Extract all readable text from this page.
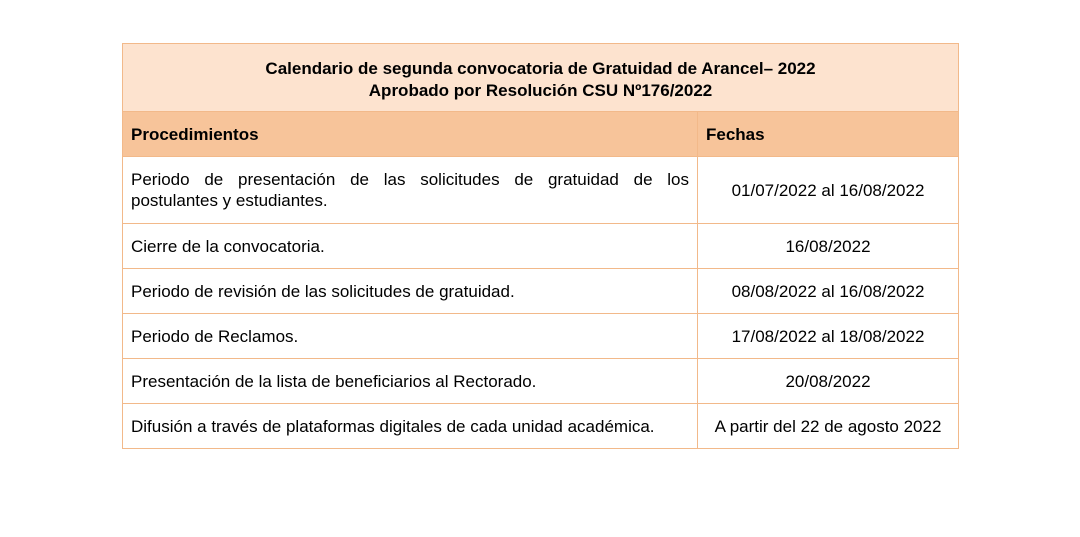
Calendario de segunda convocatoria de Gratuidad de Arancel– 2022
Aprobado por Resolución CSU Nº176/2022	

Procedimientos	Fechas
Periodo de presentación de las solicitudes de gratuidad de los postulantes y estudiantes.	01/07/2022 al 16/08/2022
Cierre de la convocatoria.	16/08/2022
Periodo de revisión de las solicitudes de gratuidad.	08/08/2022 al 16/08/2022
Periodo de Reclamos.	17/08/2022 al 18/08/2022
Presentación de la lista de beneficiarios al Rectorado.	20/08/2022
Difusión a través de plataformas digitales de cada unidad académica.	A partir del 22 de agosto 2022
